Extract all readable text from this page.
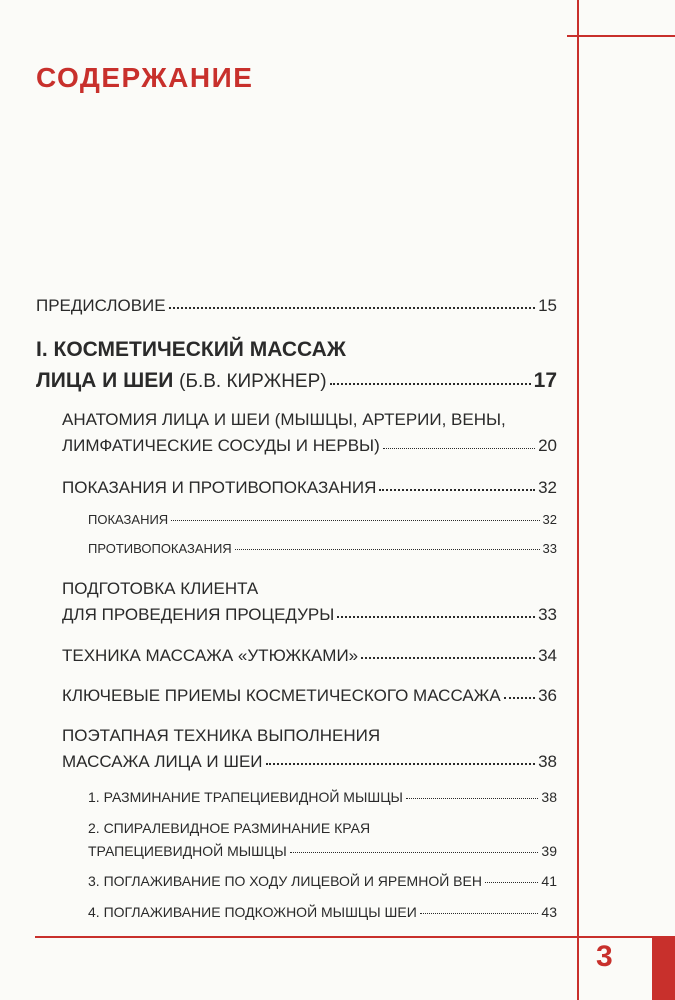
3
СОДЕРЖАНИЕ
ПРЕДИСЛОВИЕ	15
I. КОСМЕТИЧЕСКИЙ МАССАЖ
ЛИЦА И ШЕИ (Б.В. КИРЖНЕР)	17
АНАТОМИЯ ЛИЦА И ШЕИ (МЫШЦЫ, АРТЕРИИ, ВЕНЫ,
ЛИМФАТИЧЕСКИЕ СОСУДЫ И НЕРВЫ)	20
ПОКАЗАНИЯ И ПРОТИВОПОКАЗАНИЯ	32
ПОКАЗАНИЯ	32
ПРОТИВОПОКАЗАНИЯ	33
ПОДГОТОВКА КЛИЕНТА
ДЛЯ ПРОВЕДЕНИЯ ПРОЦЕДУРЫ	33
ТЕХНИКА МАССАЖА «УТЮЖКАМИ»	34
КЛЮЧЕВЫЕ ПРИЕМЫ КОСМЕТИЧЕСКОГО МАССАЖА 36
ПОЭТАПНАЯ ТЕХНИКА ВЫПОЛНЕНИЯ
МАССАЖА ЛИЦА И ШЕИ	38
1. РАЗМИНАНИЕ ТРАПЕЦИЕВИДНОЙ МЫШЦЫ	38
2. СПИРАЛЕВИДНОЕ РАЗМИНАНИЕ КРАЯ
ТРАПЕЦИЕВИДНОЙ МЫШЦЫ	39
3. ПОГЛАЖИВАНИЕ ПО ХОДУ ЛИЦЕВОЙ И ЯРЕМНОЙ ВЕН	41
4. ПОГЛАЖИВАНИЕ ПОДКОЖНОЙ МЫШЦЫ ШЕИ	43
